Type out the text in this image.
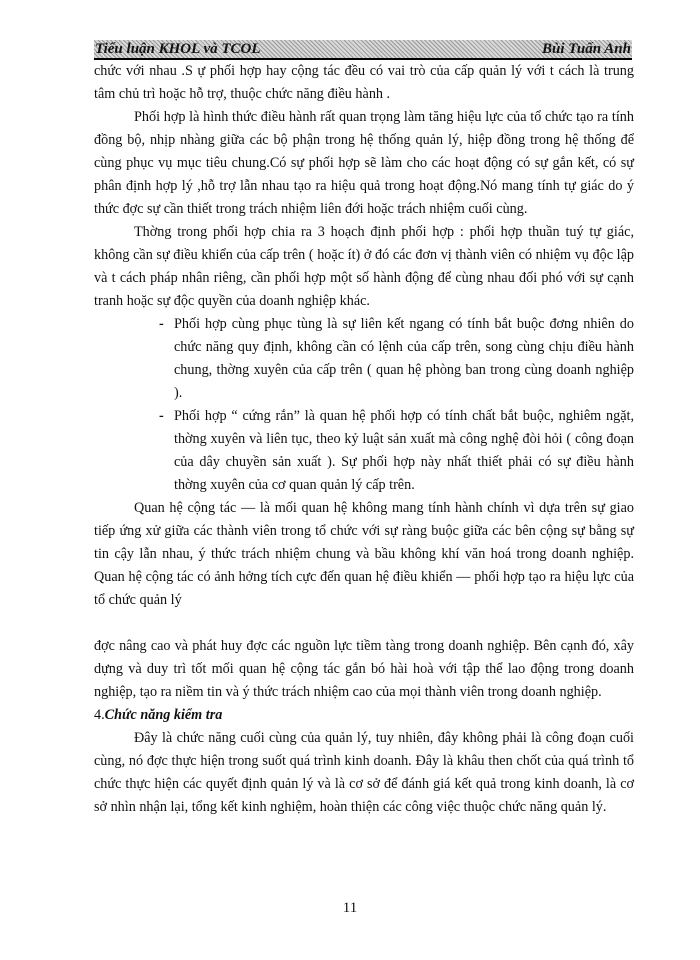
Tiểu luận KHOL và TCOL	Bùi Tuấn Anh

chức với nhau .S ự phối hợp hay cộng tác đều có vai trò của cấp quản lý với t cách là trung tâm chủ trì hoặc hỗ trợ, thuộc chức năng điều hành .

Phối hợp là hình thức điều hành rất quan trọng làm tăng hiệu lực của tổ chức tạo ra tính đồng bộ, nhịp nhàng giữa các bộ phận trong hệ thống quản lý, hiệp đồng trong hệ thống để cùng phục vụ mục tiêu chung.Có sự phối hợp sẽ làm cho các hoạt động có sự gắn kết, có sự phân định hợp lý ,hỗ trợ lẫn nhau tạo ra hiệu quả trong hoạt động.Nó mang tính tự giác do ý thức đợc sự cần thiết trong trách nhiệm liên đới hoặc trách nhiệm cuối cùng.

Thờng trong phối hợp chia ra 3 hoạch định phối hợp : phối hợp thuần tuý tự giác, không cần sự điều khiển của cấp trên ( hoặc ít) ở đó các đơn vị thành viên có nhiệm vụ độc lập và t cách pháp nhân riêng, cần phối hợp một số hành động để cùng nhau đối phó với sự cạnh tranh hoặc sự độc quyền của doanh nghiệp khác.

- Phối hợp cùng phục tùng là sự liên kết ngang có tính bắt buộc đơng nhiên do chức năng quy định, không cần có lệnh của cấp trên, song cùng chịu điều hành chung, thờng xuyên của cấp trên ( quan hệ phòng ban trong cùng doanh nghiệp ).
- Phối hợp “ cứng rắn” là quan hệ phối hợp có tính chất bắt buộc, nghiêm ngặt, thờng xuyên và liên tục, theo kỷ luật sản xuất mà công nghệ đòi hỏi ( công đoạn của dây chuyền sản xuất ). Sự phối hợp này nhất thiết phải có sự điều hành thờng xuyên của cơ quan quản lý cấp trên.

Quan hệ cộng tác — là mối quan hệ không mang tính hành chính vì dựa trên sự giao tiếp ứng xử giữa các thành viên trong tổ chức với sự ràng buộc giữa các bên cộng sự bằng sự tin cậy lẫn nhau, ý thức trách nhiệm chung và bầu không khí văn hoá trong doanh nghiệp. Quan hệ cộng tác có ảnh hởng tích cực đến quan hệ điều khiển — phối hợp tạo ra hiệu lực của tổ chức quản lý

đợc nâng cao và phát huy đợc các nguồn lực tiềm tàng trong doanh nghiệp. Bên cạnh đó, xây dựng và duy trì tốt mối quan hệ cộng tác gắn bó hài hoà với tập thể lao động trong doanh nghiệp, tạo ra niềm tin và ý thức trách nhiệm cao của mọi thành viên trong doanh nghiệp.

4.Chức năng kiểm tra

Đây là chức năng cuối cùng của quản lý, tuy nhiên, đây không phải là công đoạn cuối cùng, nó đợc thực hiện trong suốt quá trình kinh doanh. Đây là khâu then chốt của quá trình tổ chức thực hiện các quyết định quản lý và là cơ sở để đánh giá kết quả trong kinh doanh, là cơ sở nhìn nhận lại, tổng kết kinh nghiệm, hoàn thiện các công việc thuộc chức năng quản lý.

11
